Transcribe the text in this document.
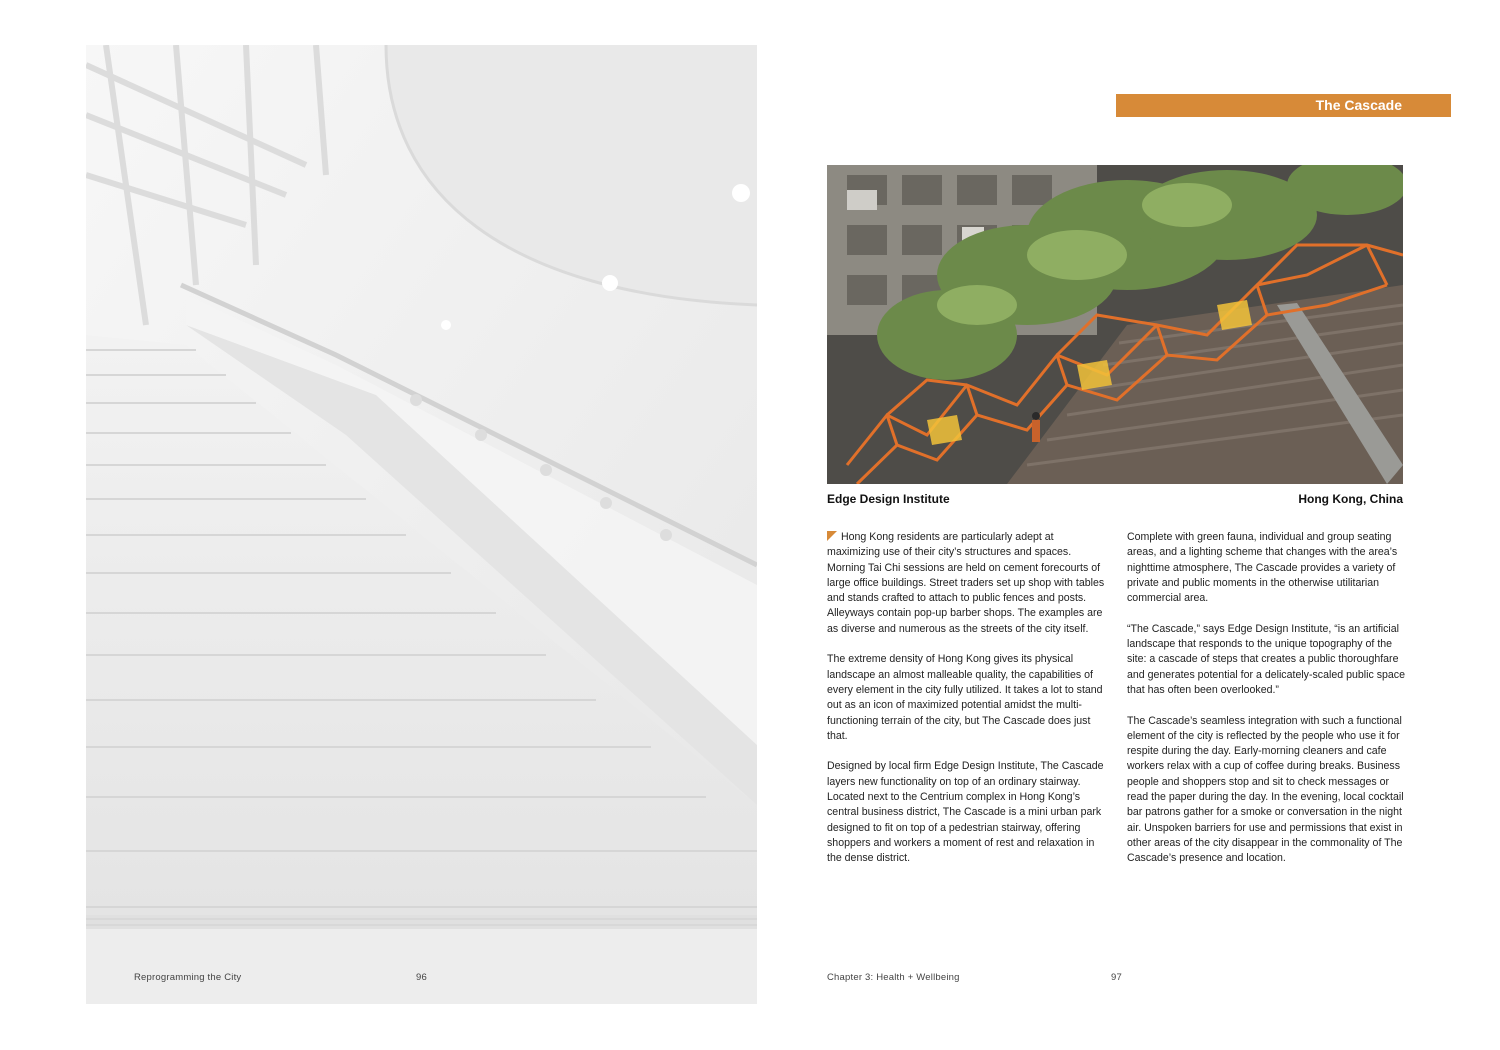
Reprogramming the City	96
The Cascade
Edge Design Institute	Hong Kong, China

Hong Kong residents are particularly adept at maximizing use of their city’s structures and spaces. Morning Tai Chi sessions are held on cement forecourts of large office buildings. Street traders set up shop with tables and stands crafted to attach to public fences and posts. Alleyways contain pop-up barber shops. The examples are as diverse and numerous as the streets of the city itself.

The extreme density of Hong Kong gives its physical landscape an almost malleable quality, the capabilities of every element in the city fully utilized. It takes a lot to stand out as an icon of maximized potential amidst the multi-functioning terrain of the city, but The Cascade does just that.

Designed by local firm Edge Design Institute, The Cascade layers new functionality on top of an ordinary stairway. Located next to the Centrium complex in Hong Kong’s central business district, The Cascade is a mini urban park designed to fit on top of a pedestrian stairway, offering shoppers and workers a moment of rest and relaxation in the dense district.

Complete with green fauna, individual and group seating areas, and a lighting scheme that changes with the area’s nighttime atmosphere, The Cascade provides a variety of private and public moments in the otherwise utilitarian commercial area.

“The Cascade,” says Edge Design Institute, “is an artificial landscape that responds to the unique topography of the site: a cascade of steps that creates a public thoroughfare and generates potential for a delicately-scaled public space that has often been overlooked.”

The Cascade’s seamless integration with such a functional element of the city is reflected by the people who use it for respite during the day. Early-morning cleaners and cafe workers relax with a cup of coffee during breaks. Business people and shoppers stop and sit to check messages or read the paper during the day. In the evening, local cocktail bar patrons gather for a smoke or conversation in the night air. Unspoken barriers for use and permissions that exist in other areas of the city disappear in the commonality of The Cascade’s presence and location.

Chapter 3: Health + Wellbeing	97
